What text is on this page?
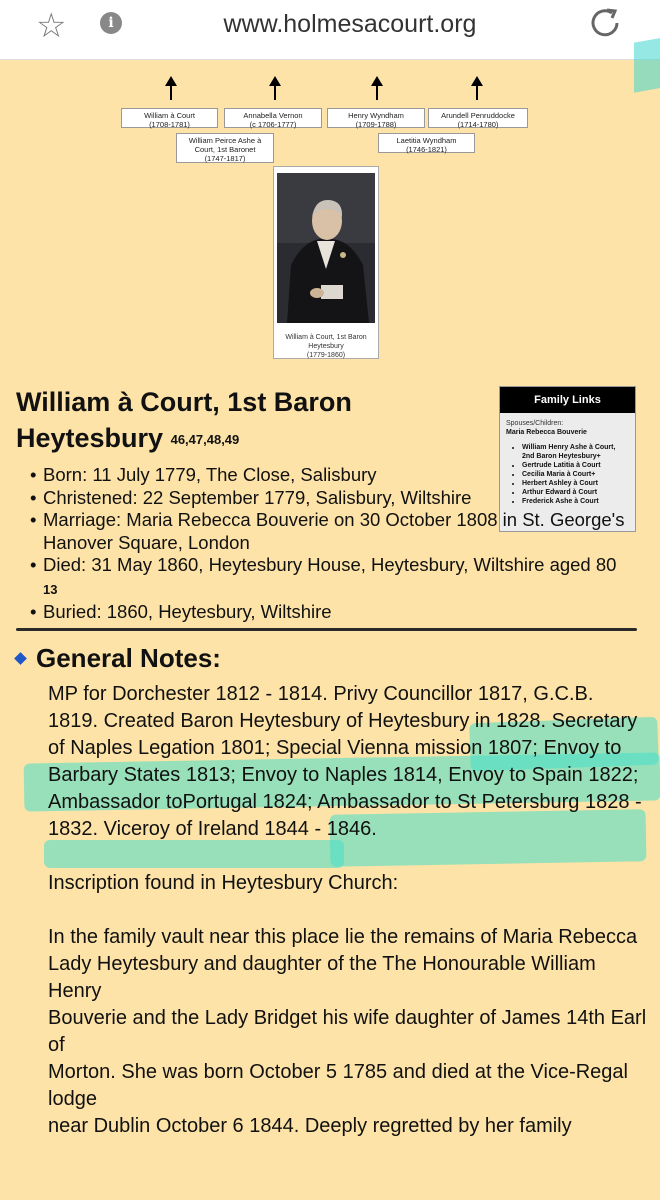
☆	i	www.holmesacourt.org
William à Court
(1708-1781)
Annabella Vernon
(c 1706-1777)
Henry Wyndham
(1709-1788)
Arundell Penruddocke
(1714-1780)
William Peirce Ashe à Court, 1st Baronet
(1747-1817)
Laetitia Wyndham
(1746-1821)
William à Court, 1st Baron Heytesbury
(1779-1860)
William à Court, 1st Baron Heytesbury $^{46,47,48,49}$
Family Links
Spouses/Children:
Maria Rebecca Bouverie
• William Henry Ashe à Court, 2nd Baron Heytesbury+
• Gertrude Latitia à Court
• Cecilia Maria à Court+
• Herbert Ashley à Court
• Arthur Edward à Court
• Frederick Ashe à Court
• Born: 11 July 1779, The Close, Salisbury
• Christened: 22 September 1779, Salisbury, Wiltshire
• Marriage: Maria Rebecca Bouverie on 30 October 1808 in St. George's Hanover Square, London
• Died: 31 May 1860, Heytesbury House, Heytesbury, Wiltshire aged 80
13
• Buried: 1860, Heytesbury, Wiltshire
General Notes:

MP for Dorchester 1812 - 1814. Privy Councillor 1817, G.C.B. 1819. Created Baron Heytesbury of Heytesbury in 1828. Secretary of Naples Legation 1801; Special Vienna mission 1807; Envoy to Barbary States 1813; Envoy to Naples 1814, Envoy to Spain 1822; Ambassador toPortugal 1824; Ambassador to St Petersburg 1828 - 1832. Viceroy of Ireland 1844 - 1846.

Inscription found in Heytesbury Church:

In the family vault near this place lie the remains of Maria Rebecca

Lady Heytesbury and daughter of the The Honourable William Henry

Bouverie and the Lady Bridget his wife daughter of James 14th Earl of

Morton. She was born October 5 1785 and died at the Vice-Regal lodge

near Dublin October 6 1844. Deeply regretted by her family
